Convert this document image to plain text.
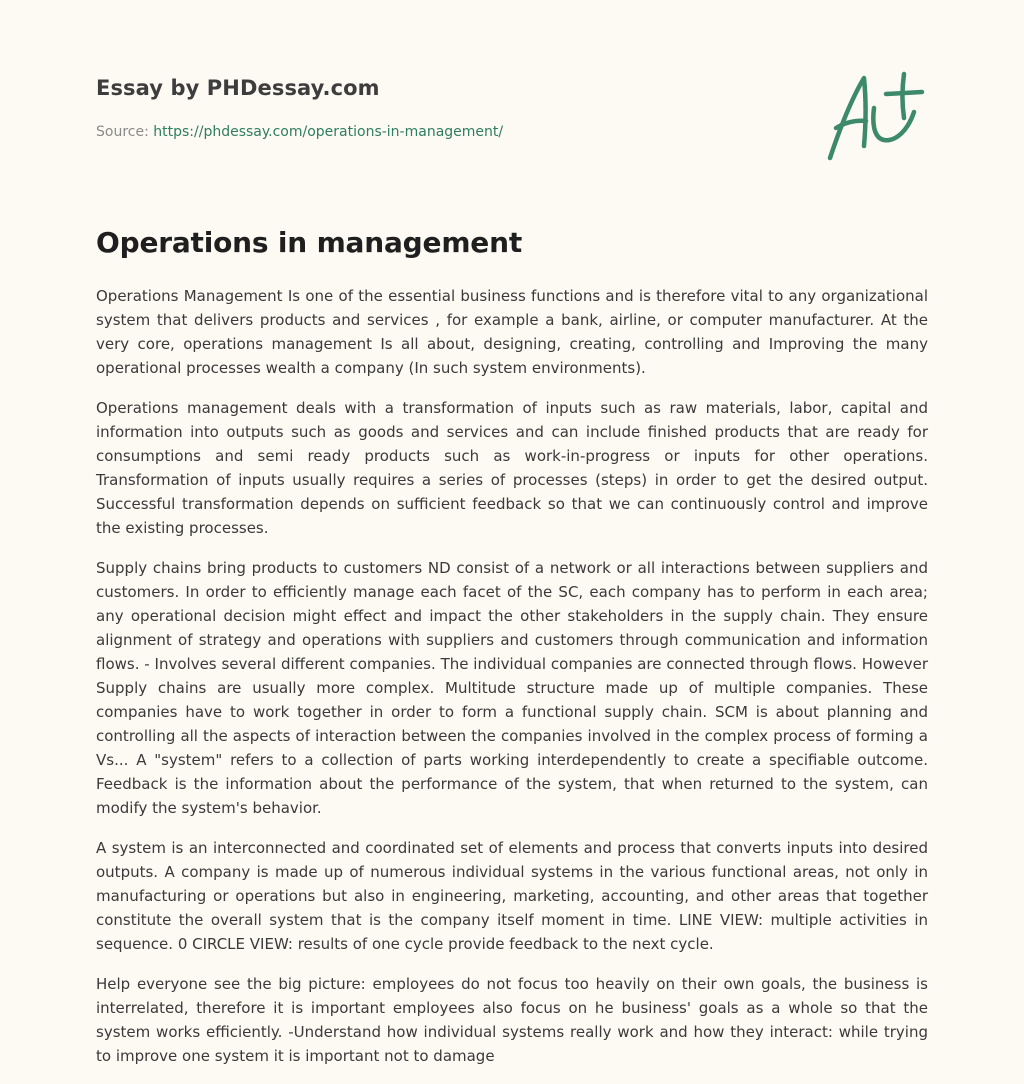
Essay by PHDessay.com
Source: https://phdessay.com/operations-in-management/
Operations in management

Operations Management Is one of the essential business functions and is therefore vital to any organizational system that delivers products and services , for example a bank, airline, or computer manufacturer. At the very core, operations management Is all about, designing, creating, controlling and Improving the many operational processes wealth a company (In such system environments).

Operations management deals with a transformation of inputs such as raw materials, labor, capital and information into outputs such as goods and services and can include finished products that are ready for consumptions and semi ready products such as work-in-progress or inputs for other operations. Transformation of inputs usually requires a series of processes (steps) in order to get the desired output. Successful transformation depends on sufficient feedback so that we can continuously control and improve the existing processes.

Supply chains bring products to customers ND consist of a network or all interactions between suppliers and customers. In order to efficiently manage each facet of the SC, each company has to perform in each area; any operational decision might effect and impact the other stakeholders in the supply chain. They ensure alignment of strategy and operations with suppliers and customers through communication and information flows. - Involves several different companies. The individual companies are connected through flows. However Supply chains are usually more complex. Multitude structure made up of multiple companies. These companies have to work together in order to form a functional supply chain. SCM is about planning and controlling all the aspects of interaction between the companies involved in the complex process of forming a Vs... A "system" refers to a collection of parts working interdependently to create a specifiable outcome. Feedback is the information about the performance of the system, that when returned to the system, can modify the system's behavior.

A system is an interconnected and coordinated set of elements and process that converts inputs into desired outputs. A company is made up of numerous individual systems in the various functional areas, not only in manufacturing or operations but also in engineering, marketing, accounting, and other areas that together constitute the overall system that is the company itself moment in time. LINE VIEW: multiple activities in sequence. 0 CIRCLE VIEW: results of one cycle provide feedback to the next cycle.

Help everyone see the big picture: employees do not focus too heavily on their own goals, the business is interrelated, therefore it is important employees also focus on he business' goals as a whole so that the system works efficiently. -Understand how individual systems really work and how they interact: while trying to improve one system it is important not to damage
